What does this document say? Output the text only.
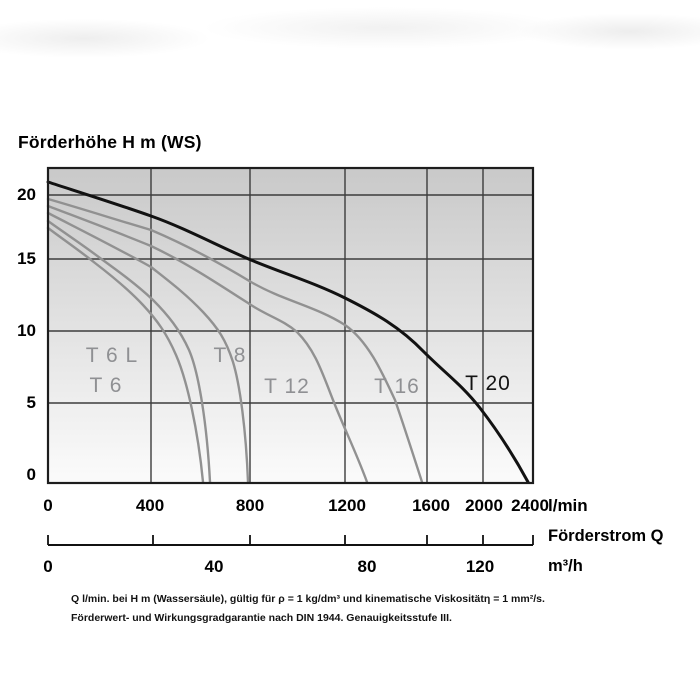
Förderhöhe H m (WS)
20
15
10
5
0
0	400	800	1200	1600 2000 2400
0	40	80	120
l/min
Förderstrom Q
m³/h
T 6 L
T 6
T 8
T 12	T 16 T 20
Q l/min. bei H m (Wassersäule), gültig für ρ = 1 kg/dm³ und kinematische Viskositätη = 1 mm²/s.
Förderwert- und Wirkungsgradgarantie nach DIN 1944. Genauigkeitsstufe III.
